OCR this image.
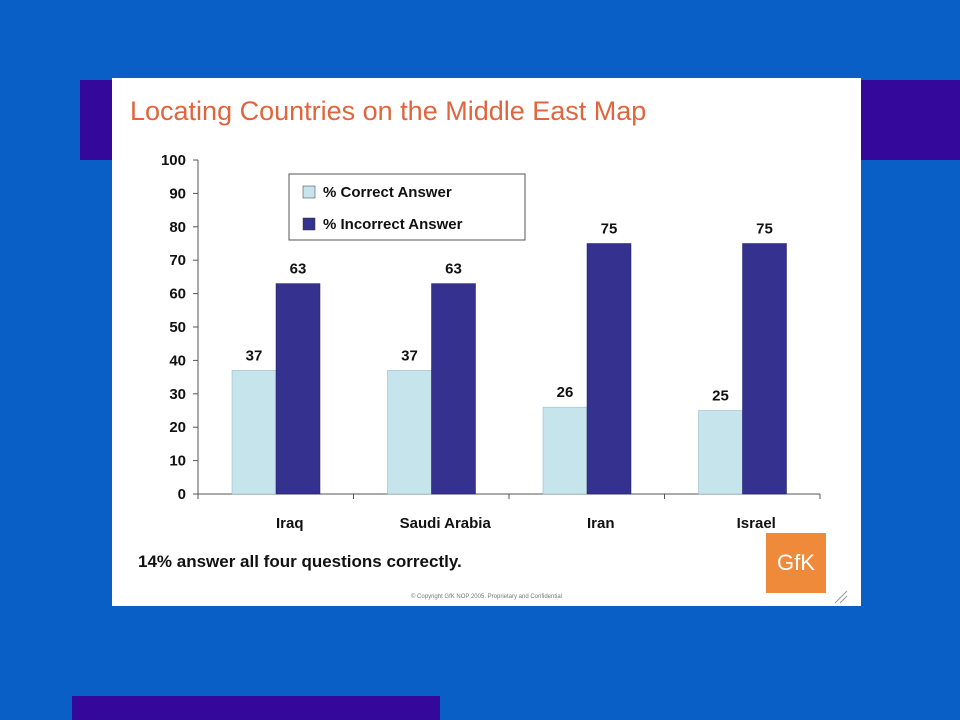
Locating Countries on the Middle East Map
0
10
20
30
40
50
60
70
80
90
100
Iraq
37
63
Saudi Arabia
37
63
Iran
26
75
Israel
25
75
% Correct Answer
% Incorrect Answer
14% answer all four questions correctly.	GfK
© Copyright GfK NOP 2005. Proprietary and Confidential
